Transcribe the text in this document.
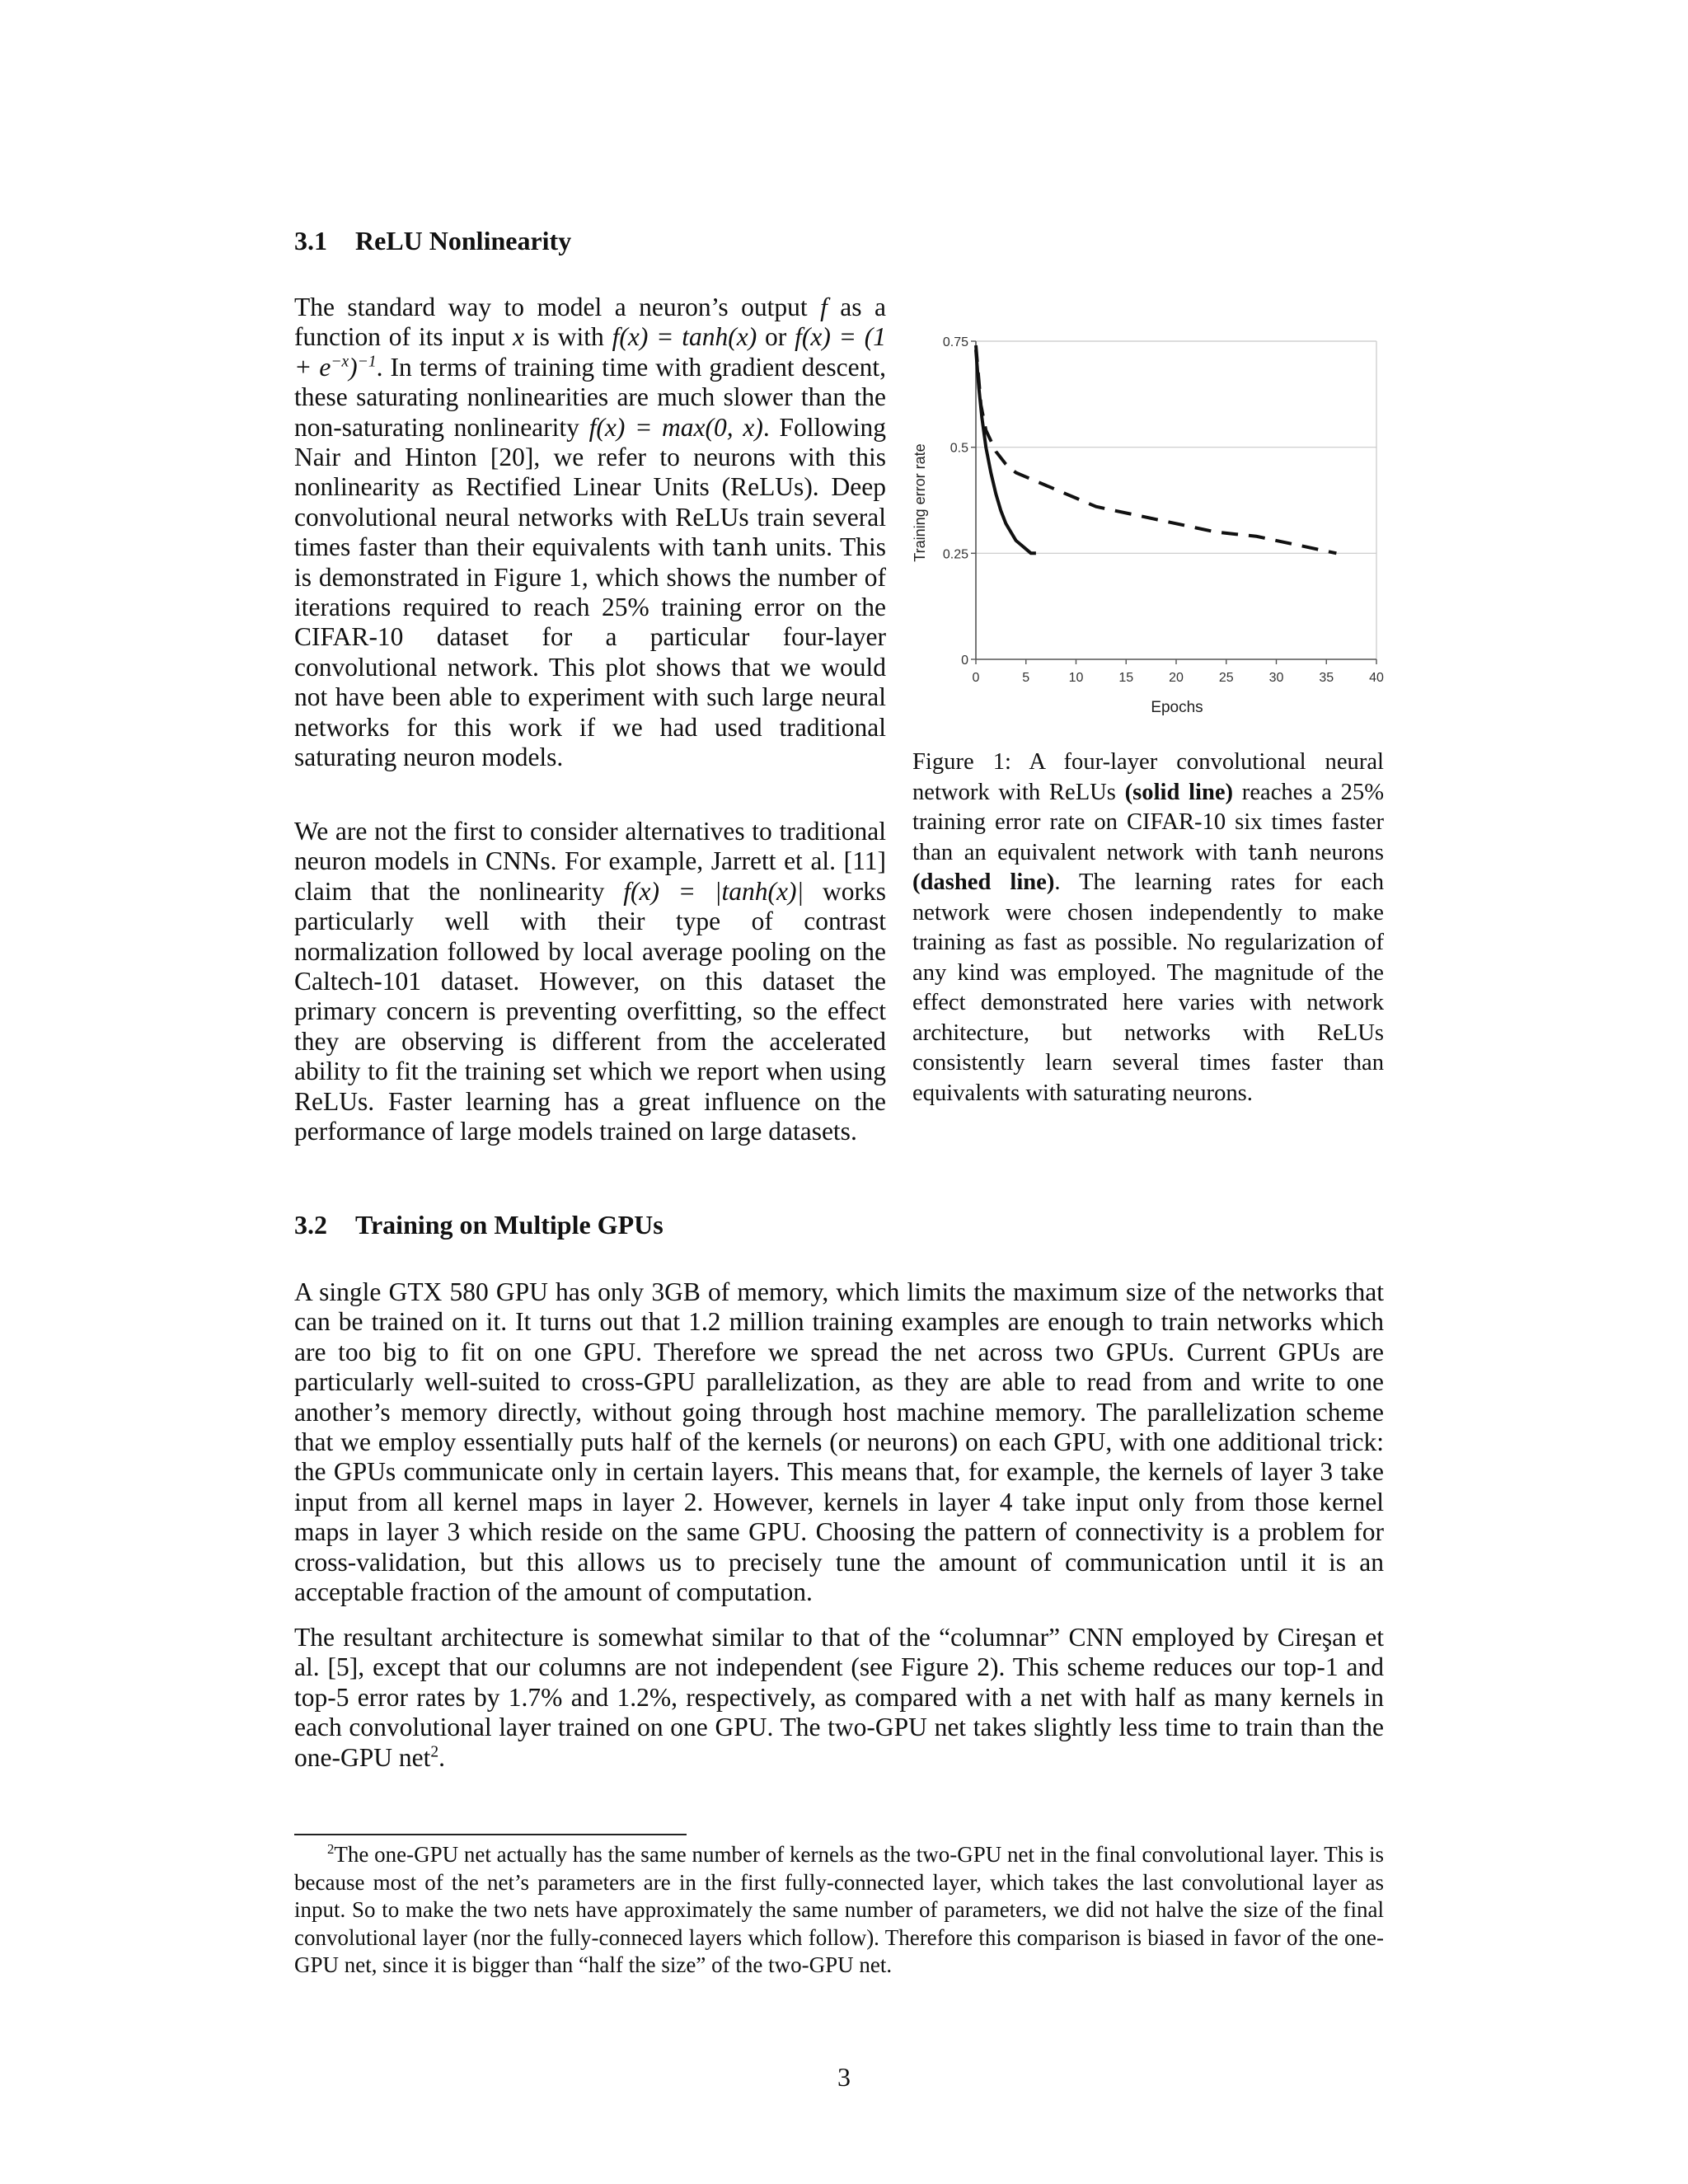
3.1 ReLU Nonlinearity

The standard way to model a neuron’s output f as a function of its input x is with f(x) = tanh(x) or $f(x) = (1 + e^{-x})^{-1}$. In terms of training time with gradient descent, these saturating nonlinearities are much slower than the non-saturating nonlinearity f(x) = max(0, x). Following Nair and Hinton [20], we refer to neurons with this nonlinearity as Rectified Linear Units (ReLUs). Deep convolutional neural networks with ReLUs train several times faster than their equivalents with tanh units. This is demonstrated in Figure 1, which shows the number of iterations required to reach 25% training error on the CIFAR-10 dataset for a particular four-layer convolutional network. This plot shows that we would not have been able to experiment with such large neural networks for this work if we had used traditional saturating neuron models.

We are not the first to consider alternatives to traditional neuron models in CNNs. For example, Jarrett et al. [11] claim that the nonlinearity f(x) = |tanh(x)| works particularly well with their type of contrast normalization followed by local average pooling on the Caltech-101 dataset. However, on this dataset the primary concern is preventing overfitting, so the effect they are observing is different from the accelerated ability to fit the training set which we report when using ReLUs. Faster learning has a great influence on the performance of large models trained on large datasets.

0
0.25
0.5
0.75
0	5	10	15	20	25	30	35	40
Epochs
Training error rate

Figure 1: A four-layer convolutional neural network with ReLUs (solid line) reaches a 25% training error rate on CIFAR-10 six times faster than an equivalent network with tanh neurons (dashed line). The learning rates for each network were chosen independently to make training as fast as possible. No regularization of any kind was employed. The magnitude of the effect demonstrated here varies with network architecture, but networks with ReLUs consistently learn several times faster than equivalents with saturating neurons.

3.2 Training on Multiple GPUs

A single GTX 580 GPU has only 3GB of memory, which limits the maximum size of the networks that can be trained on it. It turns out that 1.2 million training examples are enough to train networks which are too big to fit on one GPU. Therefore we spread the net across two GPUs. Current GPUs are particularly well-suited to cross-GPU parallelization, as they are able to read from and write to one another’s memory directly, without going through host machine memory. The parallelization scheme that we employ essentially puts half of the kernels (or neurons) on each GPU, with one additional trick: the GPUs communicate only in certain layers. This means that, for example, the kernels of layer 3 take input from all kernel maps in layer 2. However, kernels in layer 4 take input only from those kernel maps in layer 3 which reside on the same GPU. Choosing the pattern of connectivity is a problem for cross-validation, but this allows us to precisely tune the amount of communication until it is an acceptable fraction of the amount of computation.

The resultant architecture is somewhat similar to that of the “columnar” CNN employed by Cireşan et al. [5], except that our columns are not independent (see Figure 2). This scheme reduces our top-1 and top-5 error rates by 1.7% and 1.2%, respectively, as compared with a net with half as many kernels in each convolutional layer trained on one GPU. The two-GPU net takes slightly less time to train than the one-GPU net$^2$.

$^2$The one-GPU net actually has the same number of kernels as the two-GPU net in the final convolutional layer. This is because most of the net’s parameters are in the first fully-connected layer, which takes the last convolutional layer as input. So to make the two nets have approximately the same number of parameters, we did not halve the size of the final convolutional layer (nor the fully-conneced layers which follow). Therefore this comparison is biased in favor of the one-GPU net, since it is bigger than “half the size” of the two-GPU net.

3
